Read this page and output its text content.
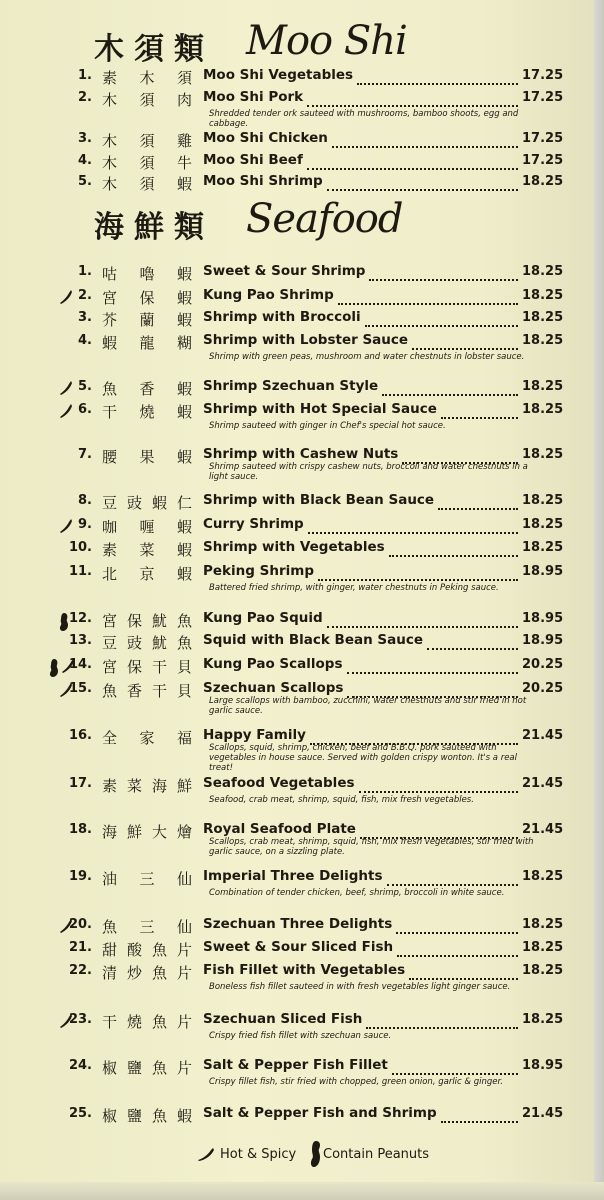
木須類 Moo Shi
1. 素 木 須 Moo Shi Vegetables	17.25
2. 木 須 肉 Moo Shi Pork	17.25
Shredded tender ork sauteed with mushrooms, bamboo shoots, egg and cabbage.
3. 木 須 雞 Moo Shi Chicken	17.25
4. 木 須 牛 Moo Shi Beef	17.25
5. 木 須 蝦 Moo Shi Shrimp	18.25
海鮮類 Seafood
1. 咕 嚕 蝦 Sweet & Sour Shrimp	18.25
2. 宮 保 蝦 Kung Pao Shrimp	18.25
3. 芥 蘭 蝦 Shrimp with Broccoli	18.25
4. 蝦 龍 糊 Shrimp with Lobster Sauce	18.25
Shrimp with green peas, mushroom and water chestnuts in lobster sauce.
5. 魚 香 蝦 Shrimp Szechuan Style	18.25
6. 干 燒 蝦 Shrimp with Hot Special Sauce	18.25
Shrimp sauteed with ginger in Chef's special hot sauce.
7. 腰 果 蝦 Shrimp with Cashew Nuts	18.25
Shrimp sauteed with crispy cashew nuts, broccoli and water chestnuts in a light sauce.
8. 豆 豉 蝦 仁 Shrimp with Black Bean Sauce	18.25
9. 咖 喱 蝦 Curry Shrimp	18.25
10. 素 菜 蝦 Shrimp with Vegetables	18.25
11. 北 京 蝦 Peking Shrimp	18.95
Battered fried shrimp, with ginger, water chestnuts in Peking sauce.
12. 宮 保 魷 魚 Kung Pao Squid	18.95
13. 豆 豉 魷 魚 Squid with Black Bean Sauce	18.95
14. 宮 保 干 貝 Kung Pao Scallops	20.25
15. 魚 香 干 貝 Szechuan Scallops	20.25
Large scallops with bamboo, zucchini, water chestnuts and stir fried in hot garlic sauce.
16. 全 家 福 Happy Family	21.45
Scallops, squid, shrimp, chicken, beef and B.B.Q. pork sauteed with vegetables in house sauce. Served with golden crispy wonton. It's a real treat!
17. 素 菜 海 鮮 Seafood Vegetables	21.45
Seafood, crab meat, shrimp, squid, fish, mix fresh vegetables.
18. 海 鮮 大 燴 Royal Seafood Plate	21.45
Scallops, crab meat, shrimp, squid, fish, mix fresh vegetables, stir fried with garlic sauce, on a sizzling plate.
19. 油 三 仙 Imperial Three Delights	18.25
Combination of tender chicken, beef, shrimp, broccoli in white sauce.
20. 魚 三 仙 Szechuan Three Delights	18.25
21. 甜 酸 魚 片 Sweet & Sour Sliced Fish	18.25
22. 清 炒 魚 片 Fish Fillet with Vegetables	18.25
Boneless fish fillet sauteed in with fresh vegetables light ginger sauce.
23. 干 燒 魚 片 Szechuan Sliced Fish	18.25
Crispy fried fish fillet with szechuan sauce.
24. 椒 鹽 魚 片 Salt & Pepper Fish Fillet	18.95
Crispy fillet fish, stir fried with chopped, green onion, garlic & ginger.
25. 椒 鹽 魚 蝦 Salt & Pepper Fish and Shrimp	21.45
Hot & Spicy Contain Peanuts
